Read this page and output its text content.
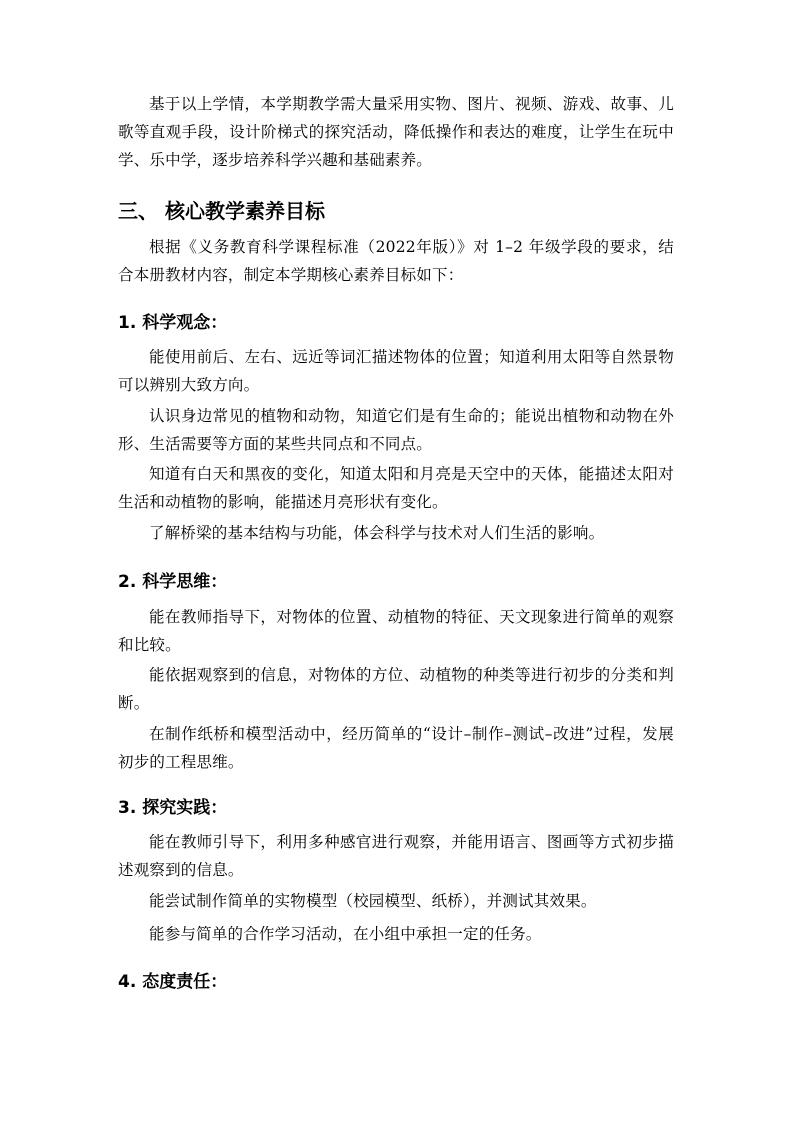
基于以上学情，本学期教学需大量采用实物、图片、视频、游戏、故事、儿歌等直观手段，设计阶梯式的探究活动，降低操作和表达的难度，让学生在玩中学、乐中学，逐步培养科学兴趣和基础素养。

三、 核心教学素养目标

根据《义务教育科学课程标准（2022年版）》对 1–2 年级学段的要求，结合本册教材内容，制定本学期核心素养目标如下：

1. 科学观念：

能使用前后、左右、远近等词汇描述物体的位置；知道利用太阳等自然景物可以辨别大致方向。

认识身边常见的植物和动物，知道它们是有生命的；能说出植物和动物在外形、生活需要等方面的某些共同点和不同点。

知道有白天和黑夜的变化，知道太阳和月亮是天空中的天体，能描述太阳对生活和动植物的影响，能描述月亮形状有变化。

了解桥梁的基本结构与功能，体会科学与技术对人们生活的影响。

2. 科学思维：

能在教师指导下，对物体的位置、动植物的特征、天文现象进行简单的观察和比较。

能依据观察到的信息，对物体的方位、动植物的种类等进行初步的分类和判断。

在制作纸桥和模型活动中，经历简单的“设计–制作–测试–改进”过程，发展初步的工程思维。

3. 探究实践：

能在教师引导下，利用多种感官进行观察，并能用语言、图画等方式初步描述观察到的信息。

能尝试制作简单的实物模型（校园模型、纸桥），并测试其效果。

能参与简单的合作学习活动，在小组中承担一定的任务。

4. 态度责任：
